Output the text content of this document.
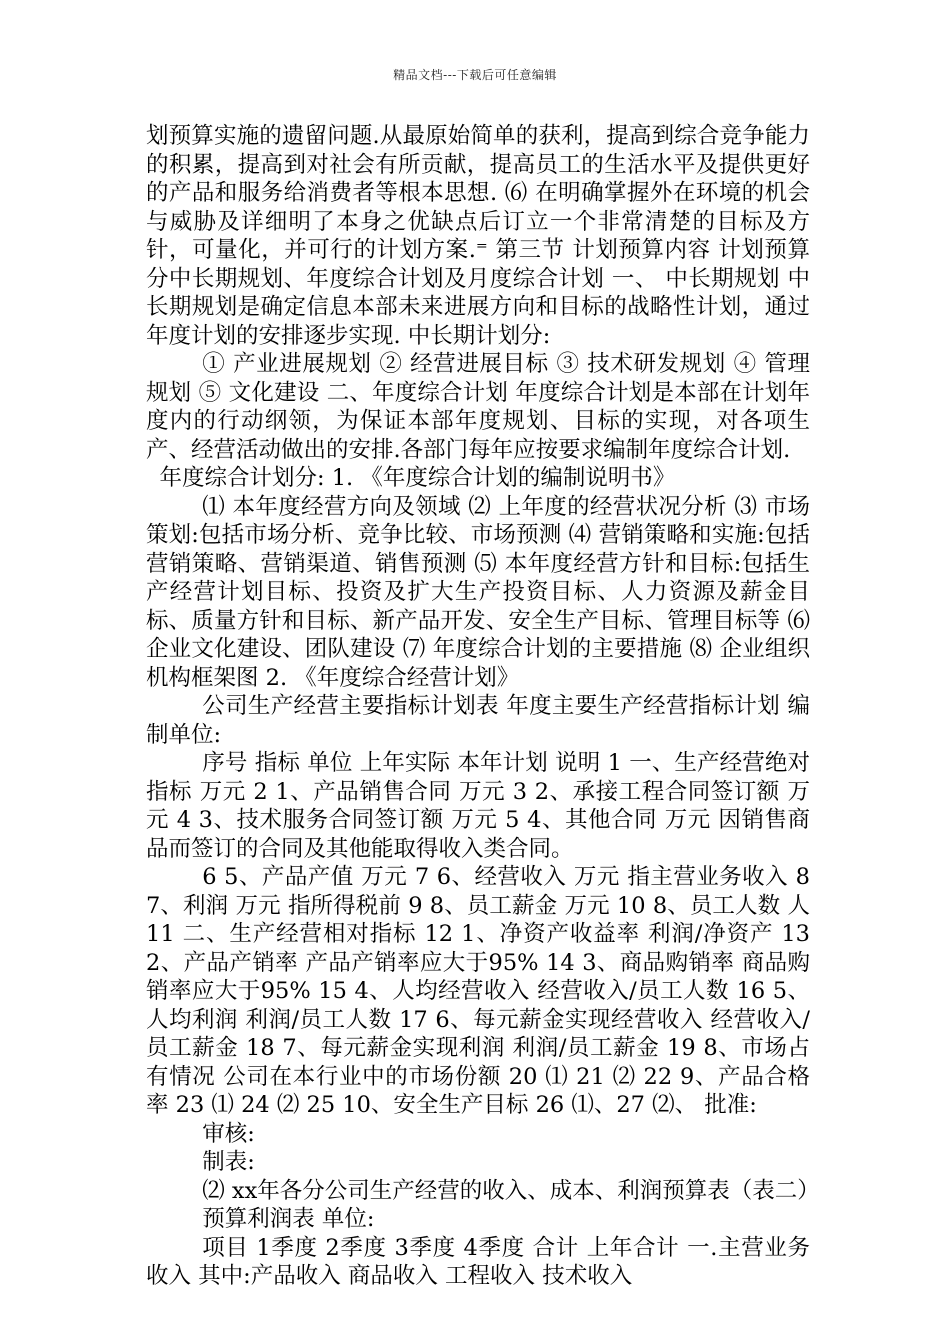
精品文档---下载后可任意编辑

划预算实施的遗留问题.从最原始简单的获利，提高到综合竞争能力的积累，提高到对社会有所贡献，提高员工的生活水平及提供更好的产品和服务给消费者等根本思想. ⑹ 在明确掌握外在环境的机会与威胁及详细明了本身之优缺点后订立一个非常清楚的目标及方针，可量化，并可行的计划方案.⁼ 第三节 计划预算内容 计划预算分中长期规划、年度综合计划及月度综合计划 一、 中长期规划 中长期规划是确定信息本部未来进展方向和目标的战略性计划，通过年度计划的安排逐步实现. 中长期计划分:

① 产业进展规划 ② 经营进展目标 ③ 技术研发规划 ④ 管理规划 ⑤ 文化建设 二、年度综合计划 年度综合计划是本部在计划年度内的行动纲领，为保证本部年度规划、目标的实现，对各项生产、经营活动做出的安排.各部门每年应按要求编制年度综合计划.

年度综合计划分: 1. 《年度综合计划的编制说明书》

⑴ 本年度经营方向及领域 ⑵ 上年度的经营状况分析 ⑶ 市场策划:包括市场分析、竞争比较、市场预测 ⑷ 营销策略和实施:包括营销策略、营销渠道、销售预测 ⑸ 本年度经营方针和目标:包括生产经营计划目标、投资及扩大生产投资目标、人力资源及薪金目标、质量方针和目标、新产品开发、安全生产目标、管理目标等 ⑹ 企业文化建设、团队建设 ⑺ 年度综合计划的主要措施 ⑻ 企业组织机构框架图 2. 《年度综合经营计划》

公司生产经营主要指标计划表 年度主要生产经营指标计划 编制单位:

序号 指标 单位 上年实际 本年计划 说明 1 一、生产经营绝对指标 万元 2 1、产品销售合同 万元 3 2、承接工程合同签订额 万元 4 3、技术服务合同签订额 万元 5 4、其他合同 万元 因销售商品而签订的合同及其他能取得收入类合同。

6 5、产品产值 万元 7 6、经营收入 万元 指主营业务收入 8 7、利润 万元 指所得税前 9 8、员工薪金 万元 10 8、员工人数 人 11 二、生产经营相对指标 12 1、净资产收益率 利润/净资产 13 2、产品产销率 产品产销率应大于95% 14 3、商品购销率 商品购销率应大于95% 15 4、人均经营收入 经营收入/员工人数 16 5、人均利润 利润/员工人数 17 6、每元薪金实现经营收入 经营收入/员工薪金 18 7、每元薪金实现利润 利润/员工薪金 19 8、市场占有情况 公司在本行业中的市场份额 20 ⑴ 21 ⑵ 22 9、产品合格率 23 ⑴ 24 ⑵ 25 10、安全生产目标 26 ⑴、27 ⑵、 批准:

审核:

制表:

⑵ xx年各分公司生产经营的收入、成本、利润预算表（表二）

预算利润表 单位:

项目 1季度 2季度 3季度 4季度 合计 上年合计 一.主营业务收入 其中:产品收入 商品收入 工程收入 技术收入
